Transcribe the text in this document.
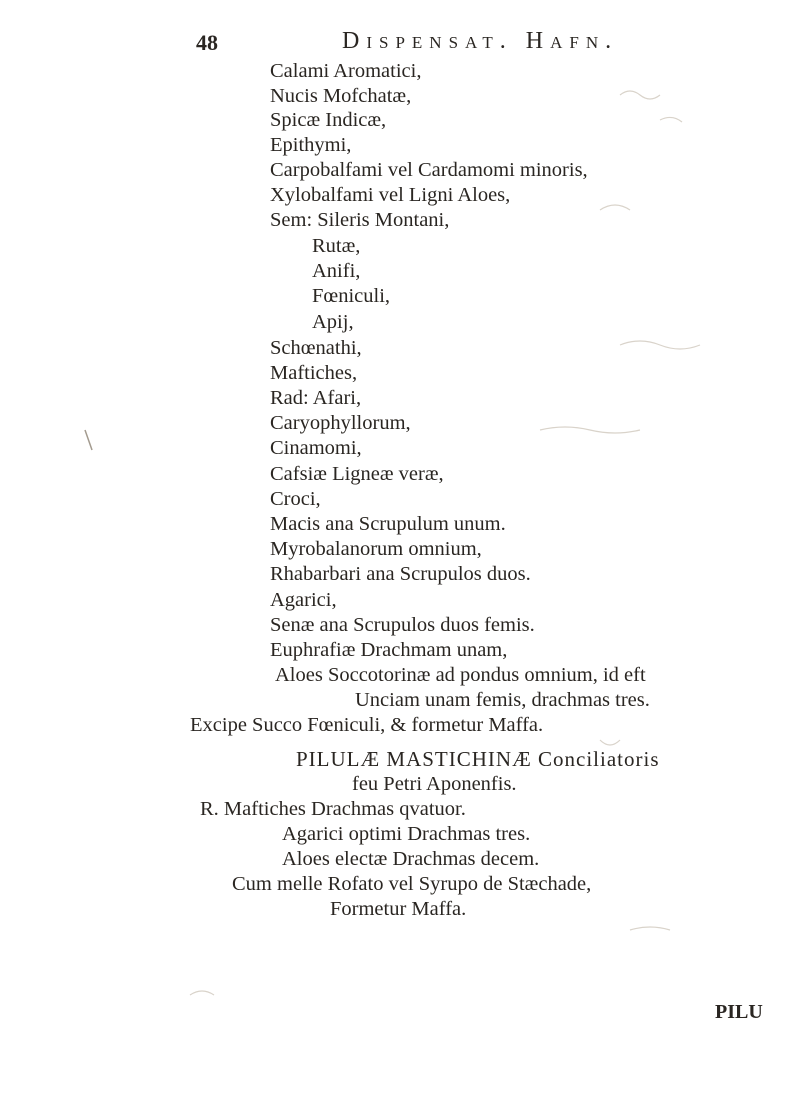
48	Dispensat. Hafn.
Calami Aromatici,
Nucis Mofchatæ,
Spicæ Indicæ,
Epithymi,
Carpobalfami vel Cardamomi minoris,
Xylobalfami vel Ligni Aloes,
Sem: Sileris Montani,
Rutæ,
Anifi,
Fœniculi,
Apij,
Schœnathi,
Maftiches,
Rad: Afari,
Caryophyllorum,
Cinamomi,
Cafsiæ Ligneæ veræ,
Croci,
Macis ana Scrupulum unum.
Myrobalanorum omnium,
Rhabarbari ana Scrupulos duos.
Agarici,
Senæ ana Scrupulos duos femis.
Euphrafiæ Drachmam unam,
Aloes Soccotorinæ ad pondus omnium, id eft
Unciam unam femis, drachmas tres.
Excipe Succo Fœniculi, & formetur Maffa.
PILULÆ MASTICHINÆ Conciliatoris
feu Petri Aponenfis.
R. Maftiches Drachmas qvatuor.
Agarici optimi Drachmas tres.
Aloes electæ Drachmas decem.
Cum melle Rofato vel Syrupo de Stæchade,
Formetur Maffa.
PILU
